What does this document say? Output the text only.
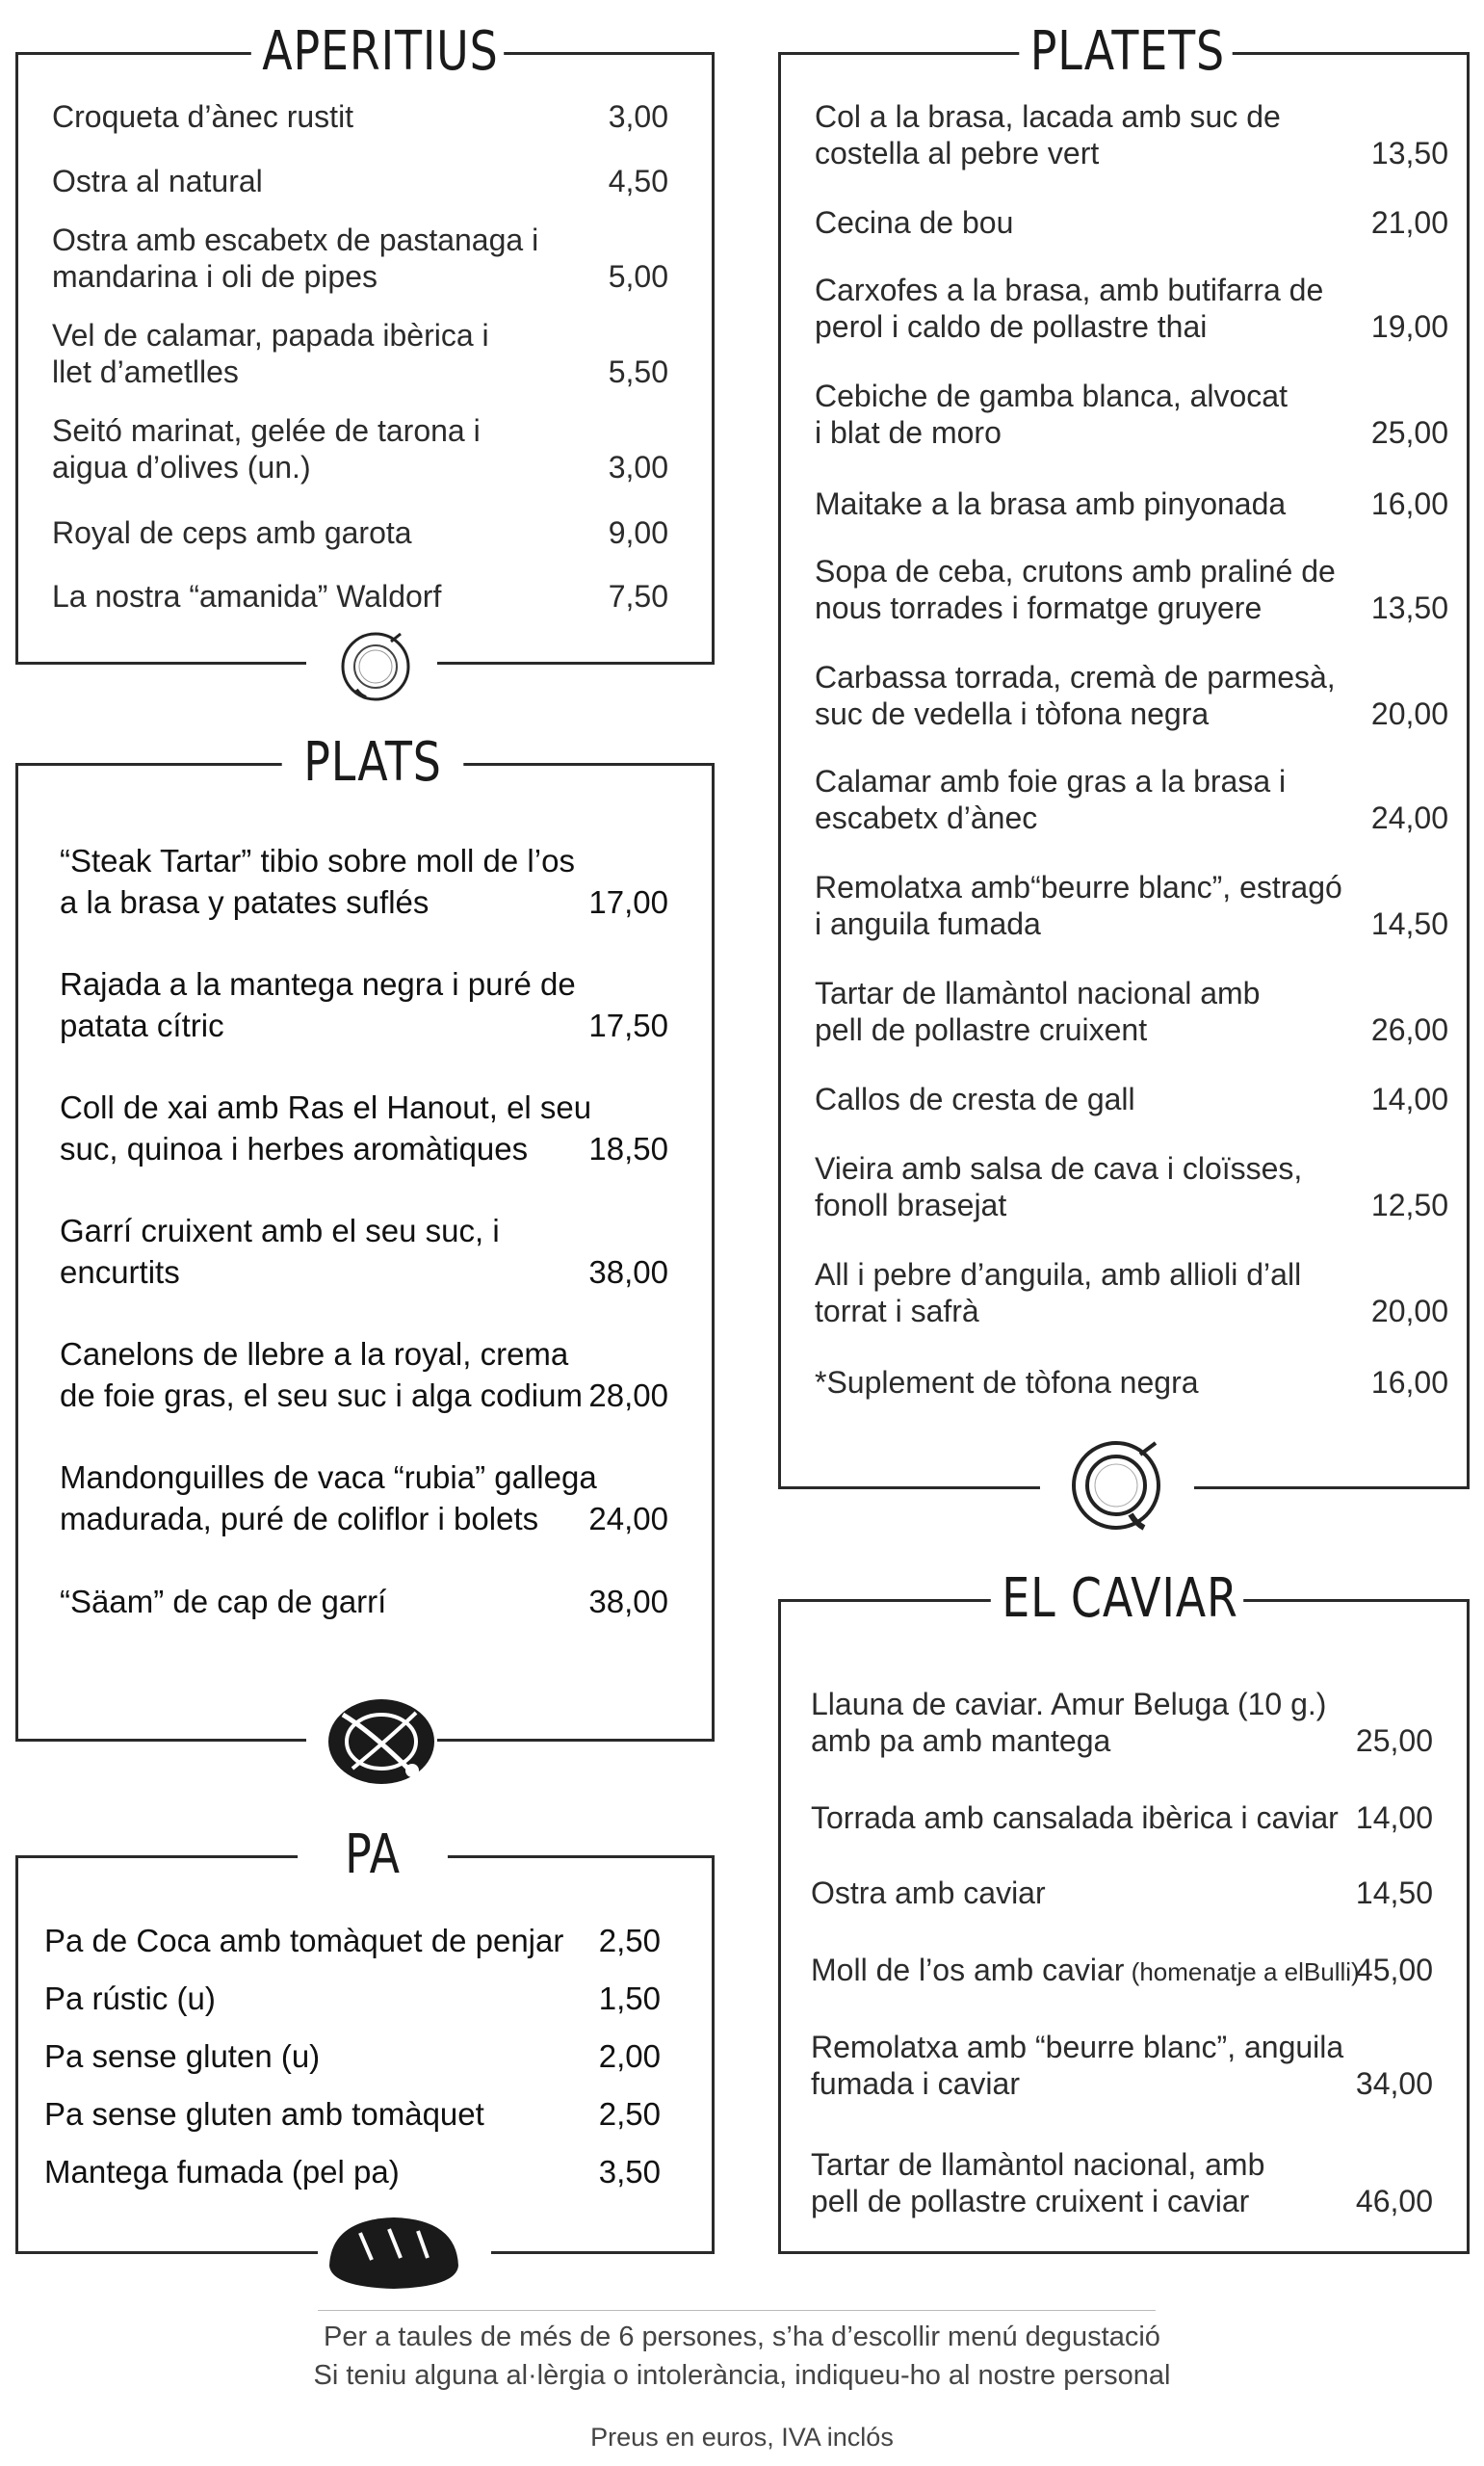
APERITIUS
PLATS
PA
PLATETS
EL CAVIAR
Croqueta d’ànec rustit	3,00
Ostra al natural	4,50
Ostra amb escabetx de pastanaga i
mandarina i oli de pipes	5,00
Vel de calamar, papada ibèrica i
llet d’ametlles	5,50
Seitó marinat, gelée de tarona i
aigua d’olives (un.)	3,00
Royal de ceps amb garota	9,00
La nostra “amanida” Waldorf	7,50
“Steak Tartar” tibio sobre moll de l’os
a la brasa y patates suflés	17,00
Rajada a la mantega negra i puré de
patata cítric	17,50
Coll de xai amb Ras el Hanout, el seu
suc, quinoa i herbes aromàtiques	18,50
Garrí cruixent amb el seu suc, i
encurtits	38,00
Canelons de llebre a la royal, crema
de foie gras, el seu suc i alga codium 28,00
Mandonguilles de vaca “rubia” gallega
madurada, puré de coliflor i bolets	24,00
“Säam” de cap de garrí	38,00
Pa de Coca amb tomàquet de penjar 2,50
Pa rústic (u)	1,50
Pa sense gluten (u)	2,00
Pa sense gluten amb tomàquet	2,50
Mantega fumada (pel pa)	3,50
Col a la brasa, lacada amb suc de
costella al pebre vert	13,50
Cecina de bou	21,00
Carxofes a la brasa, amb butifarra de
perol i caldo de pollastre thai	19,00
Cebiche de gamba blanca, alvocat
i blat de moro	25,00
Maitake a la brasa amb pinyonada	16,00
Sopa de ceba, crutons amb praliné de
nous torrades i formatge gruyere	13,50
Carbassa torrada, cremà de parmesà,
suc de vedella i tòfona negra	20,00
Calamar amb foie gras a la brasa i
escabetx d’ànec	24,00
Remolatxa amb“beurre blanc”, estragó
i anguila fumada	14,50
Tartar de llamàntol nacional amb
pell de pollastre cruixent	26,00
Callos de cresta de gall	14,00
Vieira amb salsa de cava i cloïsses,
fonoll brasejat	12,50
All i pebre d’anguila, amb allioli d’all
torrat i safrà	20,00
*Suplement de tòfona negra	16,00
Llauna de caviar. Amur Beluga (10 g.)
amb pa amb mantega	25,00
Torrada amb cansalada ibèrica i caviar 14,00
Ostra amb caviar	14,50
Moll de l’os amb caviar (homenatje a elBulli)
45,00
Remolatxa amb “beurre blanc”, anguila
fumada i caviar	34,00
Tartar de llamàntol nacional, amb
pell de pollastre cruixent i caviar	46,00
Per a taules de més de 6 persones, s’ha d’escollir menú degustació
Si teniu alguna al·lèrgia o intolerància, indiqueu-ho al nostre personal
Preus en euros, IVA inclós
